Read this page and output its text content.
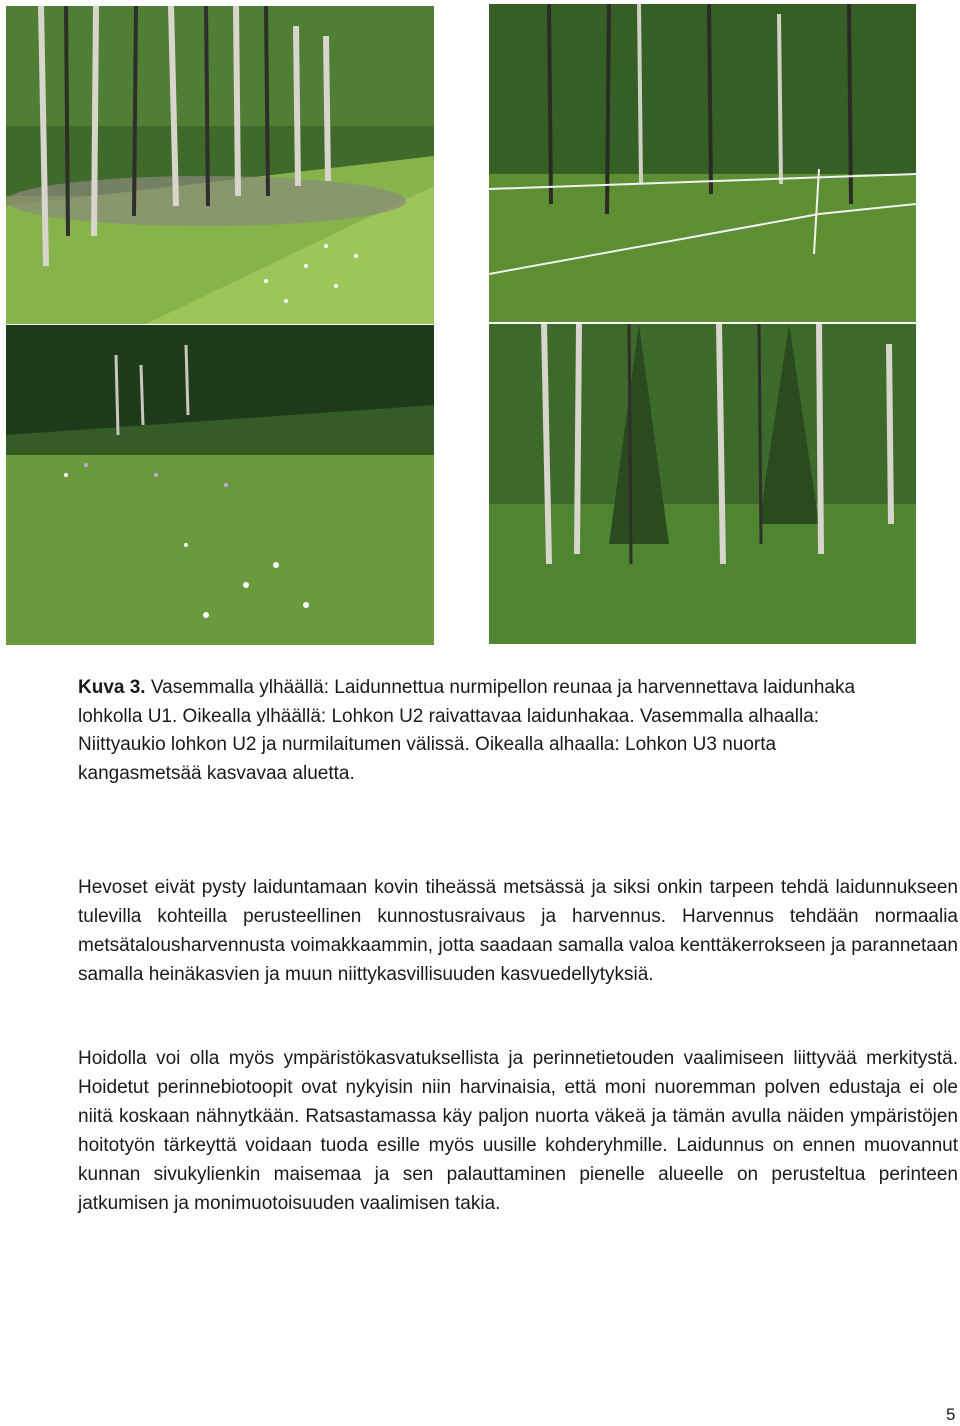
Kuva 3. Vasemmalla ylhäällä: Laidunnettua nurmipellon reunaa ja harvennettava laidunhaka lohkolla U1. Oikealla ylhäällä: Lohkon U2 raivattavaa laidunhakaa. Vasemmalla alhaalla: Niittyaukio lohkon U2 ja nurmilaitumen välissä. Oikealla alhaalla: Lohkon U3 nuorta kangasmetsää kasvavaa aluetta.

Hevoset eivät pysty laiduntamaan kovin tiheässä metsässä ja siksi onkin tarpeen tehdä laidunnukseen tulevilla kohteilla perusteellinen kunnostusraivaus ja harvennus. Harvennus tehdään normaalia metsätalousharvennusta voimakkaammin, jotta saadaan samalla valoa kenttäkerrokseen ja parannetaan samalla heinäkasvien ja muun niittykasvillisuuden kasvuedellytyksiä.

Hoidolla voi olla myös ympäristökasvatuksellista ja perinnetietouden vaalimiseen liittyvää merkitystä. Hoidetut perinnebiotoopit ovat nykyisin niin harvinaisia, että moni nuoremman polven edustaja ei ole niitä koskaan nähnytkään. Ratsastamassa käy paljon nuorta väkeä ja tämän avulla näiden ympäristöjen hoitotyön tärkeyttä voidaan tuoda esille myös uusille kohderyhmille. Laidunnus on ennen muovannut kunnan sivukylienkin maisemaa ja sen palauttaminen pienelle alueelle on perusteltua perinteen jatkumisen ja monimuotoisuuden vaalimisen takia.

5
